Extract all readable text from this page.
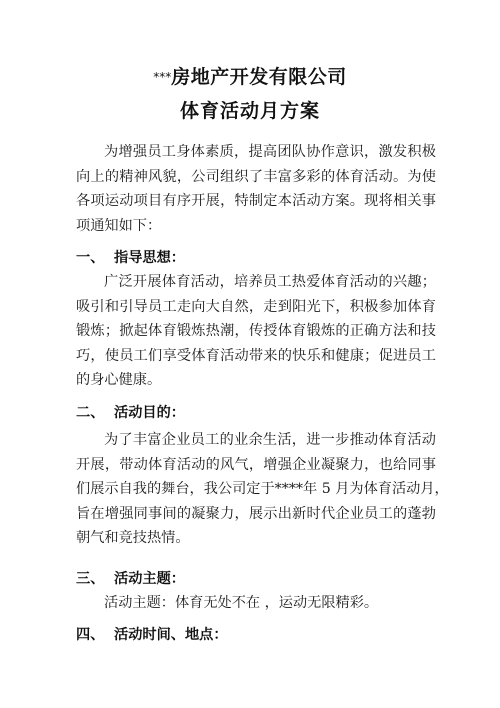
***房地产开发有限公司
体育活动月方案
为增强员工身体素质，提高团队协作意识，激发积极
向上的精神风貌，公司组织了丰富多彩的体育活动。为使
各项运动项目有序开展，特制定本活动方案。现将相关事
项通知如下：
一、 指导思想：
广泛开展体育活动，培养员工热爱体育活动的兴趣；
吸引和引导员工走向大自然，走到阳光下，积极参加体育
锻炼；掀起体育锻炼热潮，传授体育锻炼的正确方法和技
巧，使员工们享受体育活动带来的快乐和健康；促进员工
的身心健康。
二、 活动目的：
为了丰富企业员工的业余生活，进一步推动体育活动
开展，带动体育活动的风气，增强企业凝聚力，也给同事
们展示自我的舞台，我公司定于****年 5 月为体育活动月，
旨在增强同事间的凝聚力，展示出新时代企业员工的蓬勃
朝气和竞技热情。
三、 活动主题：
活动主题：体育无处不在 ，运动无限精彩。
四、 活动时间、地点：
